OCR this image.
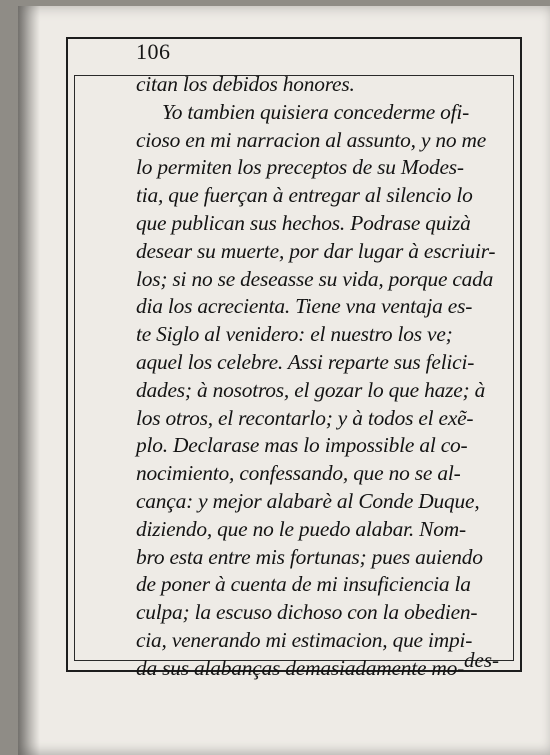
106
citan los debidos honores.
Yo tambien quisiera concederme ofi-
cioso en mi narracion al assunto, y no me
lo permiten los preceptos de su Modes-
tia, que fuerçan à entregar al silencio lo
que publican sus hechos. Podrase quizà
desear su muerte, por dar lugar à escriuir-
los; si no se deseasse su vida, porque cada
dia los acrecienta. Tiene vna ventaja es-
te Siglo al venidero: el nuestro los ve;
aquel los celebre. Assi reparte sus felici-
dades; à nosotros, el gozar lo que haze; à
los otros, el recontarlo; y à todos el exẽ-
plo. Declarase mas lo impossible al co-
nocimiento, confessando, que no se al-
cança: y mejor alabarè al Conde Duque,
diziendo, que no le puedo alabar. Nom-
bro esta entre mis fortunas; pues auiendo
de poner à cuenta de mi insuficiencia la
culpa; la escuso dichoso con la obedien-
cia, venerando mi estimacion, que impi-
da sus alabanças demasiadamente mo- des-
